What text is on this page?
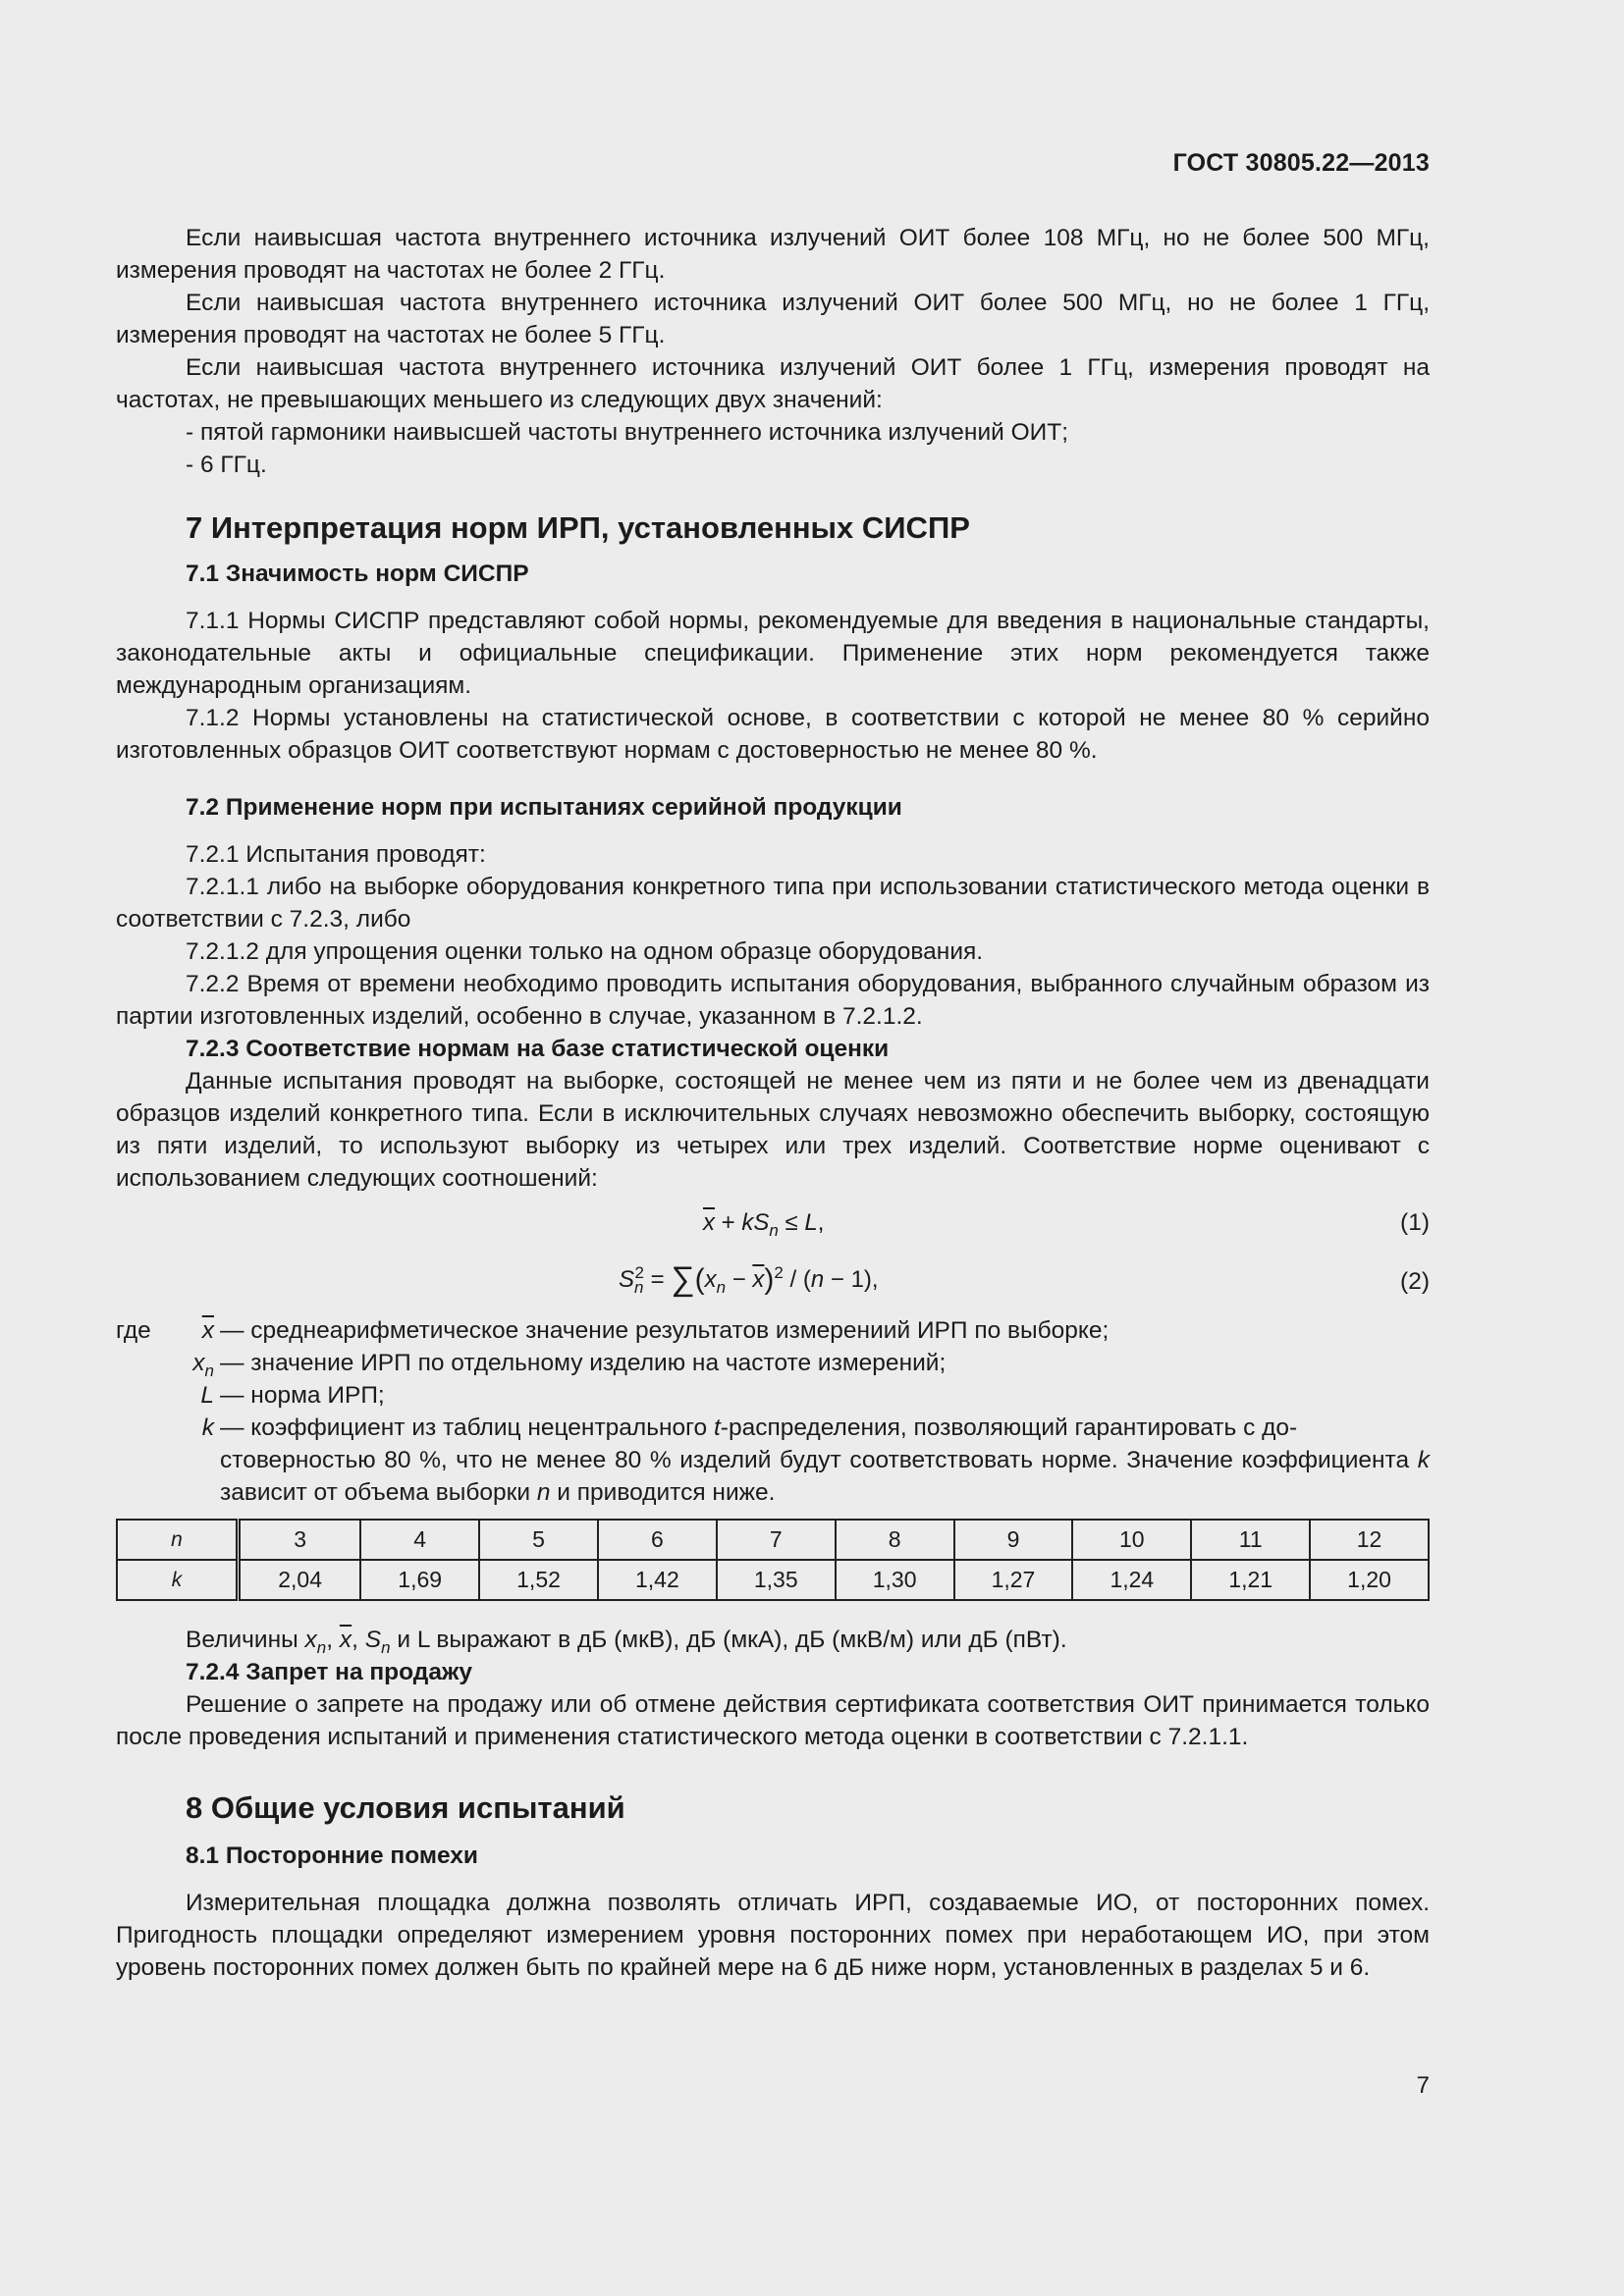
ГОСТ 30805.22—2013

Если наивысшая частота внутреннего источника излучений ОИТ более 108 МГц, но не более 500 МГц, измерения проводят на частотах не более 2 ГГц.

Если наивысшая частота внутреннего источника излучений ОИТ более 500 МГц, но не более 1 ГГц, измерения проводят на частотах не более 5 ГГц.

Если наивысшая частота внутреннего источника излучений ОИТ более 1 ГГц, измерения проводят на частотах, не превышающих меньшего из следующих двух значений:

- пятой гармоники наивысшей частоты внутреннего источника излучений ОИТ;

- 6 ГГц.

7 Интерпретация норм ИРП, установленных СИСПР
7.1 Значимость норм СИСПР

7.1.1 Нормы СИСПР представляют собой нормы, рекомендуемые для введения в национальные стандарты, законодательные акты и официальные спецификации. Применение этих норм рекомендуется также международным организациям.

7.1.2 Нормы установлены на статистической основе, в соответствии с которой не менее 80 % серийно изготовленных образцов ОИТ соответствуют нормам с достоверностью не менее 80 %.

7.2 Применение норм при испытаниях серийной продукции

7.2.1 Испытания проводят:

7.2.1.1 либо на выборке оборудования конкретного типа при использовании статистического метода оценки в соответствии с 7.2.3, либо

7.2.1.2 для упрощения оценки только на одном образце оборудования.

7.2.2 Время от времени необходимо проводить испытания оборудования, выбранного случайным образом из партии изготовленных изделий, особенно в случае, указанном в 7.2.1.2.

7.2.3 Соответствие нормам на базе статистической оценки

Данные испытания проводят на выборке, состоящей не менее чем из пяти и не более чем из двенадцати образцов изделий конкретного типа. Если в исключительных случаях невозможно обеспечить выборку, состоящую из пяти изделий, то используют выборку из четырех или трех изделий. Соответствие норме оценивают с использованием следующих соотношений:

$\overline{x} + kS_n \le L$,	(1)
$S_n^2 = \sum(x_n - \overline{x})^2 / (n - 1)$,	(2)
где $\overline{x}$ — среднеарифметическое значение результатов измерениий ИРП по выборке;
$x_n$ — значение ИРП по отдельному изделию на частоте измерений;
L — норма ИРП;
k — коэффициент из таблиц нецентрального t-распределения, позволяющий гарантировать с до-
стоверностью 80 %, что не менее 80 % изделий будут соответствовать норме. Значение коэффициента k зависит от объема выборки n и приводится ниже.
n	3	4	5	6	7	8	9	10	11	12
k	2,04	1,69	1,52	1,42	1,35	1,30	1,27	1,24	1,21	1,20

Величины $x_n$, $\overline{x}$, $S_n$ и L выражают в дБ (мкВ), дБ (мкА), дБ (мкВ/м) или дБ (пВт).

7.2.4 Запрет на продажу

Решение о запрете на продажу или об отмене действия сертификата соответствия ОИТ принимается только после проведения испытаний и применения статистического метода оценки в соответствии с 7.2.1.1.

8 Общие условия испытаний
8.1 Посторонние помехи

Измерительная площадка должна позволять отличать ИРП, создаваемые ИО, от посторонних помех. Пригодность площадки определяют измерением уровня посторонних помех при неработающем ИО, при этом уровень посторонних помех должен быть по крайней мере на 6 дБ ниже норм, установленных в разделах 5 и 6.

7
